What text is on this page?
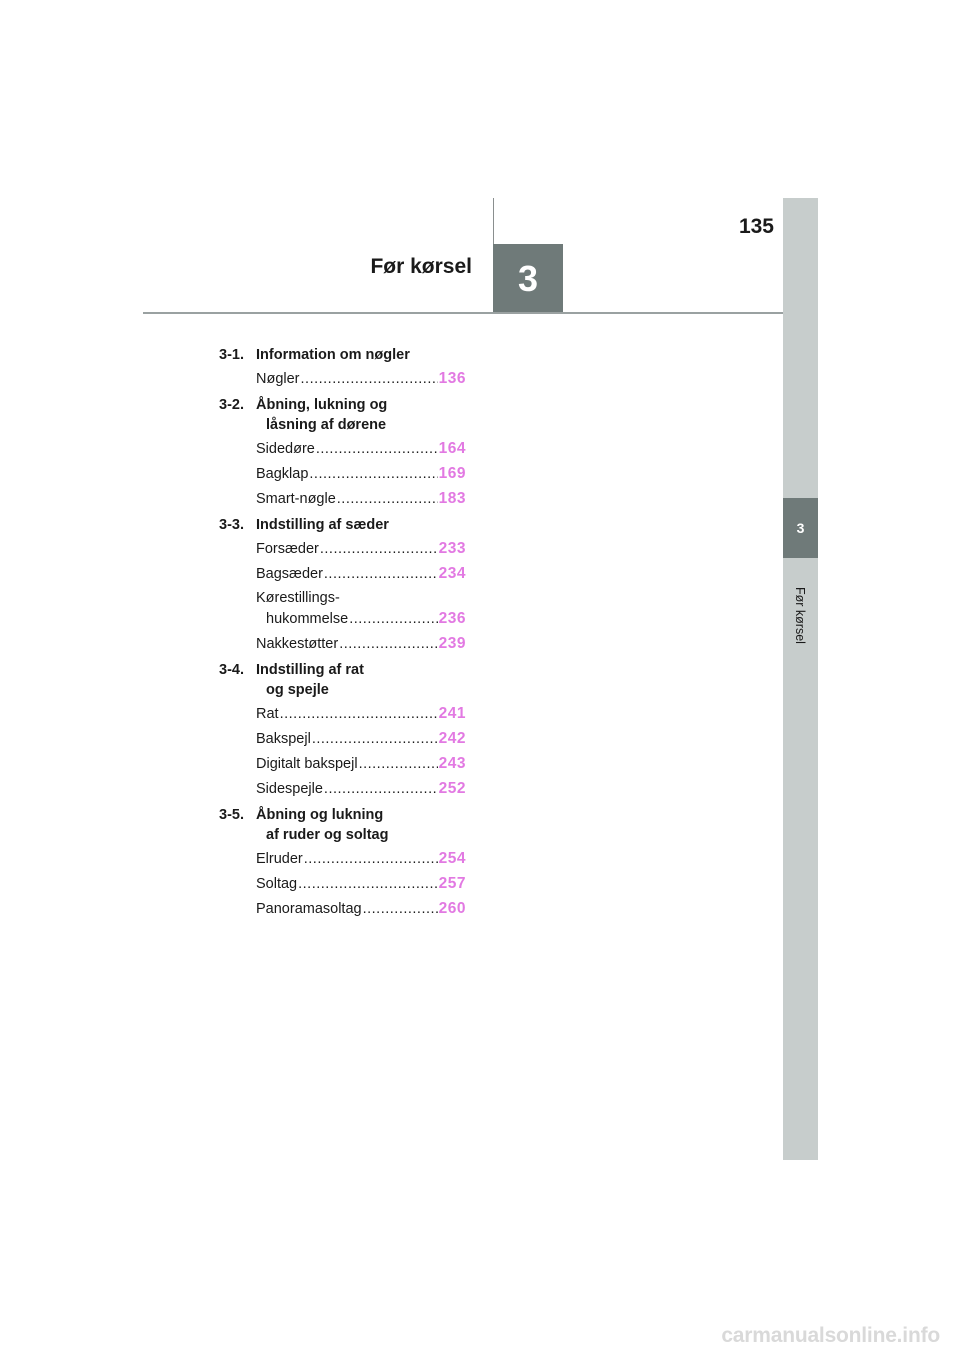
Før kørsel	3
135
3
Før kørsel
3-1. Information om nøgler
Nøgler .....	136
3-2. Åbning, lukning og
låsning af dørene
Sidedøre .....	164
Bagklap .....	169
Smart-nøgle .....	183
3-3. Indstilling af sæder
Forsæder .....	233
Bagsæder .....	234
Kørestillings-
hukommelse .....	236
Nakkestøtter .....	239
3-4. Indstilling af rat
og spejle
Rat .....	241
Bakspejl .....	242
Digitalt bakspejl .....	243
Sidespejle .....	252
3-5. Åbning og lukning
af ruder og soltag
Elruder .....	254
Soltag .....	257
Panoramasoltag .....	260
carmanualsonline.info
